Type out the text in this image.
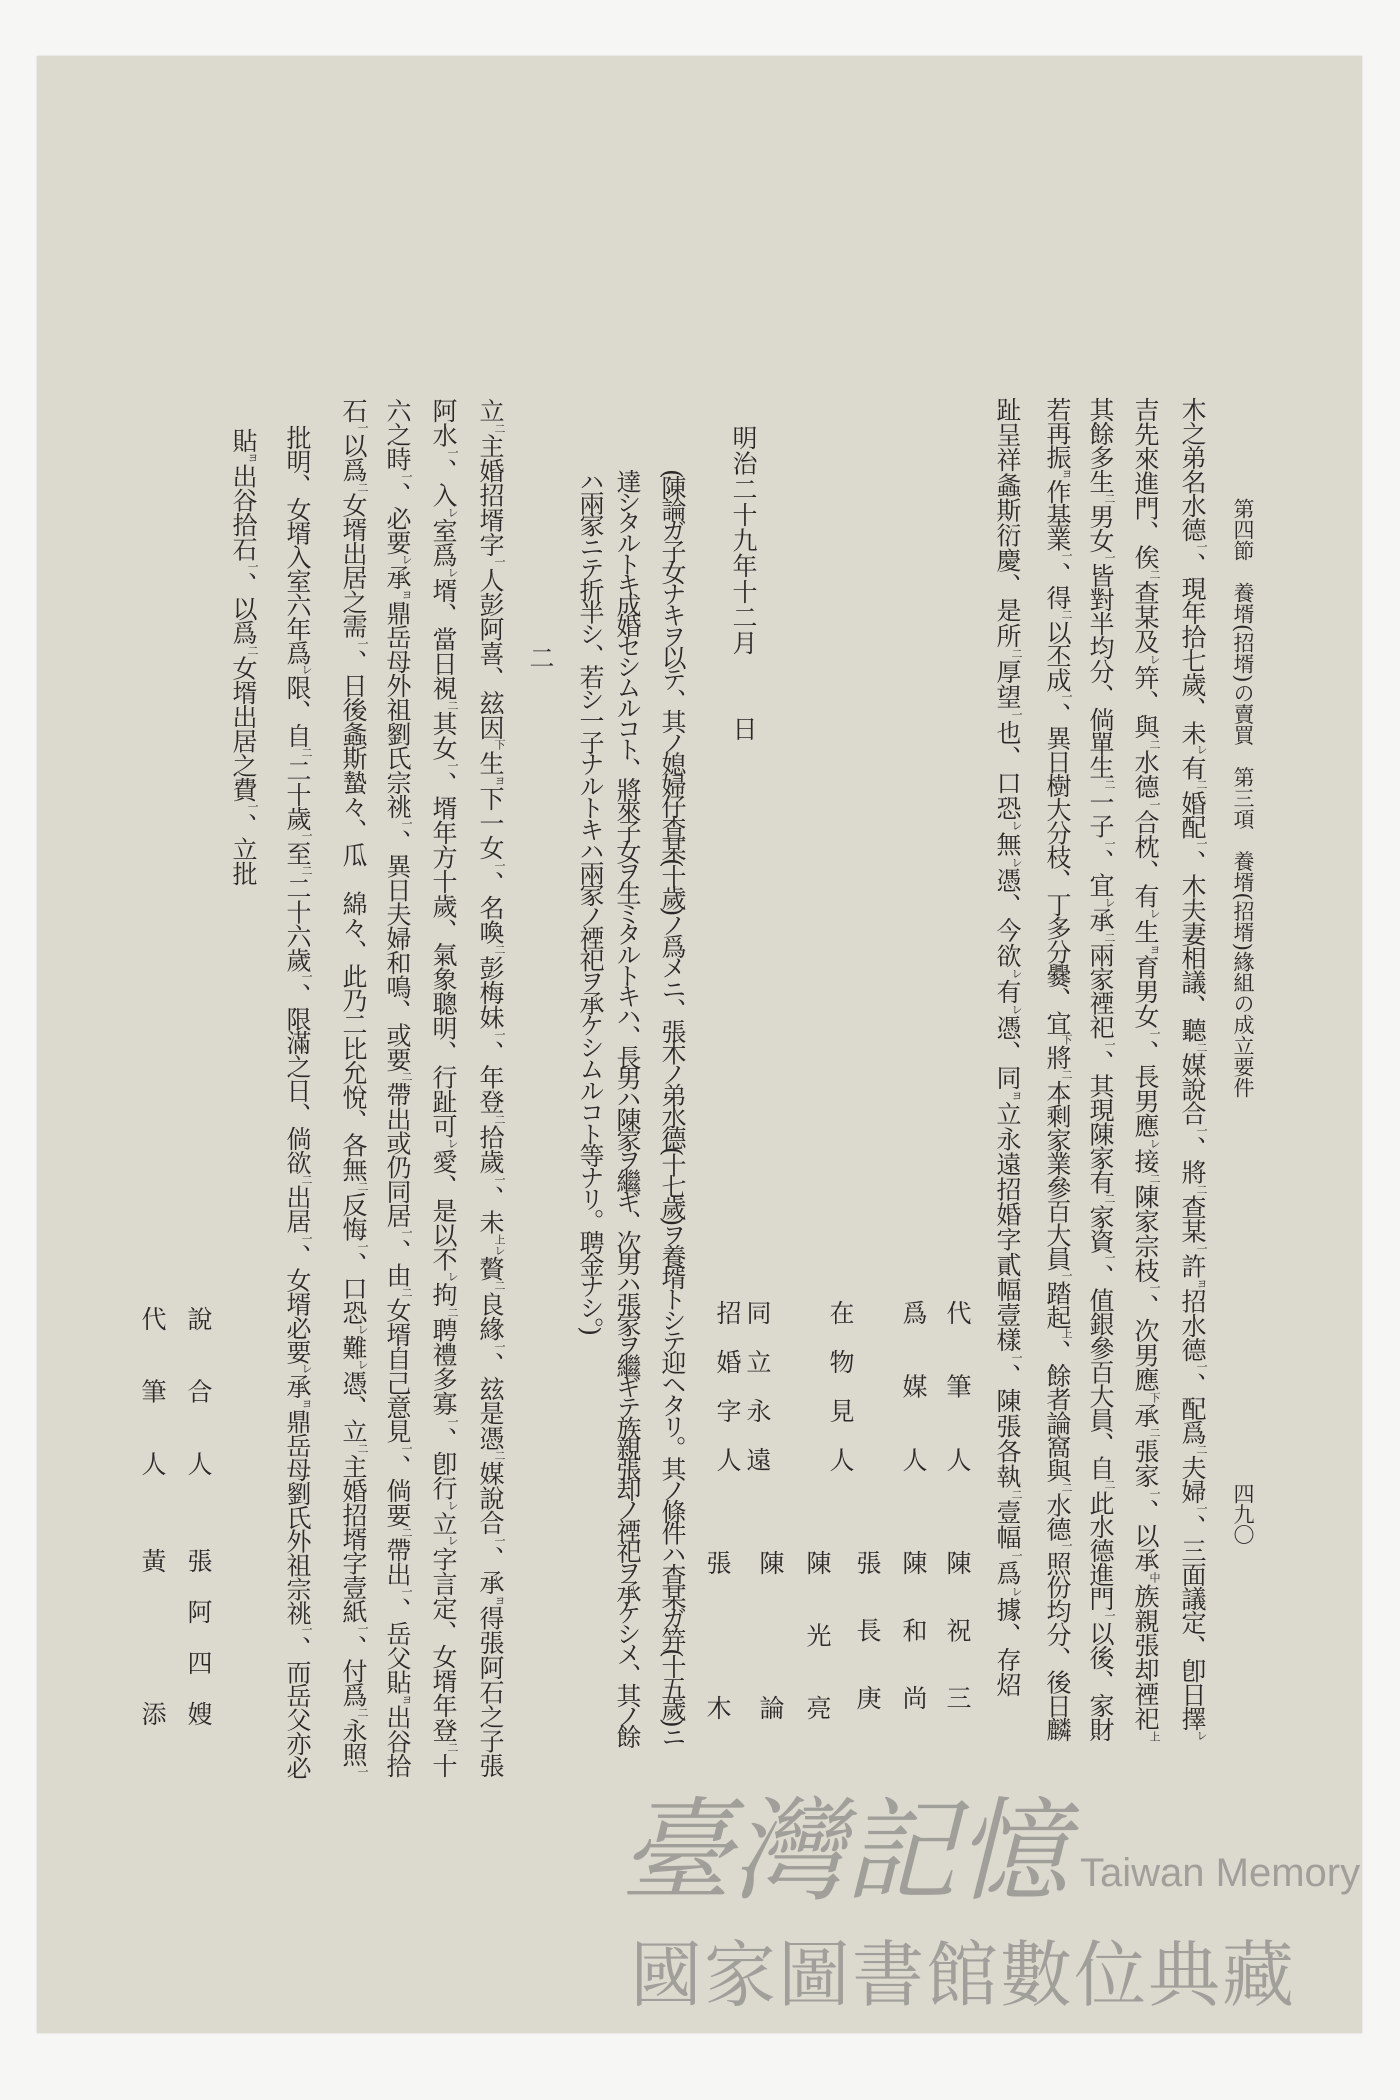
第四節　養壻(招壻)の賣買　第三項　養壻(招壻)緣組の成立要件
四九〇
木之弟名水德一、現年拾七歲、未レ有二婚配一、木夫妻相議、聽二媒說合一、將二查某一許ヨ招水德一、配爲二夫婦一、三面議定、卽日擇レ
吉先來進門、俟二查某及レ笄、與二水德一合枕、有レ生ヨ育男女一、長男應レ接二陳家宗枝一、次男應下承二張家一、以承中族親張却禋祀上
其餘多生二男女一皆對半均分、倘單生二一子一、宜レ承二兩家禋祀一、其現陳家有二家資一、值銀參百大員、自二此水德進門一以後、家財
若再振ヨ作基業一、得二以丕成一、異日樹大分枝、丁多分爨、宜下將二本剩家業參百大員一踏起上、餘者論窩與二水德一照份均分、後日麟
趾呈祥螽斯衍慶、是所二厚望一也、口恐レ無レ憑、今欲レ有レ憑、同ヨ立永遠招婚字貳幅壹樣一、陳張各執二壹幅一爲レ據、存炤
代筆人
陳祝三
爲媒人
陳和尚
張長庚
在物見人
陳光亮
同立永遠
陳論
招婚字人
張木
明治二十九年十二月
日
(陳論ガ子女ナキヲ以テ、其ノ媳婦仔查某(十歲)ノ爲メニ、張木ノ弟水德(十七歲)ヲ養壻トシテ迎ヘタリ。其ノ條件ハ查某ガ笄(十五歲)ニ
達シタルトキ成婚セシムルコト、將來子女ヲ生ミタルトキハ、長男ハ陳家ヲ繼ギ、次男ハ張家ヲ繼ギテ族親張却ノ禋祀ヲ承ケシメ、其ノ餘
ハ兩家ニテ折半シ、若シ一子ナルトキハ兩家ノ禋祀ヲ承ケシムルコト等ナリ。聘金ナシ。)
二
立二主婚招壻字一人彭阿喜、玆因下生ヨ下一女一、名喚二彭梅妹一、年登二拾歲一、未上レ贅二良緣一、玆是憑二媒說合一、承ヨ得張阿石之子張
阿水一、入レ室爲レ壻、當日視二其女一、壻年方十歲、氣象聰明、行趾可レ愛、是以不レ拘二聘禮多寡一、卽行レ立レ字言定、女壻年登二十
六之時一、必要レ承ヨ鼎岳母外祖劉氏宗祧一、異日夫婦和鳴、或要二帶出或仍同居一、由二女壻自己意見一、倘要二帶出一、岳父貼ヨ出谷拾
石一以爲二女壻出居之需一、日後螽斯蟄々、瓜　綿々、此乃二比允悅、各無二反悔一、口恐レ難レ憑、立二主婚招壻字壹紙一、付爲二永照一
批明、女壻入室六年爲レ限、自二二十歲一至二二十六歲一、限滿之日、倘欲二出居一、女壻必要レ承ヨ鼎岳母劉氏外祖宗祧一、而岳父亦必
貼ヨ出谷拾石一、以爲二女壻出居之費一、立批
說合人
張阿四嫂
代筆人
黃添	臺灣記憶 Taiwan Memory
國家圖書館數位典藏
